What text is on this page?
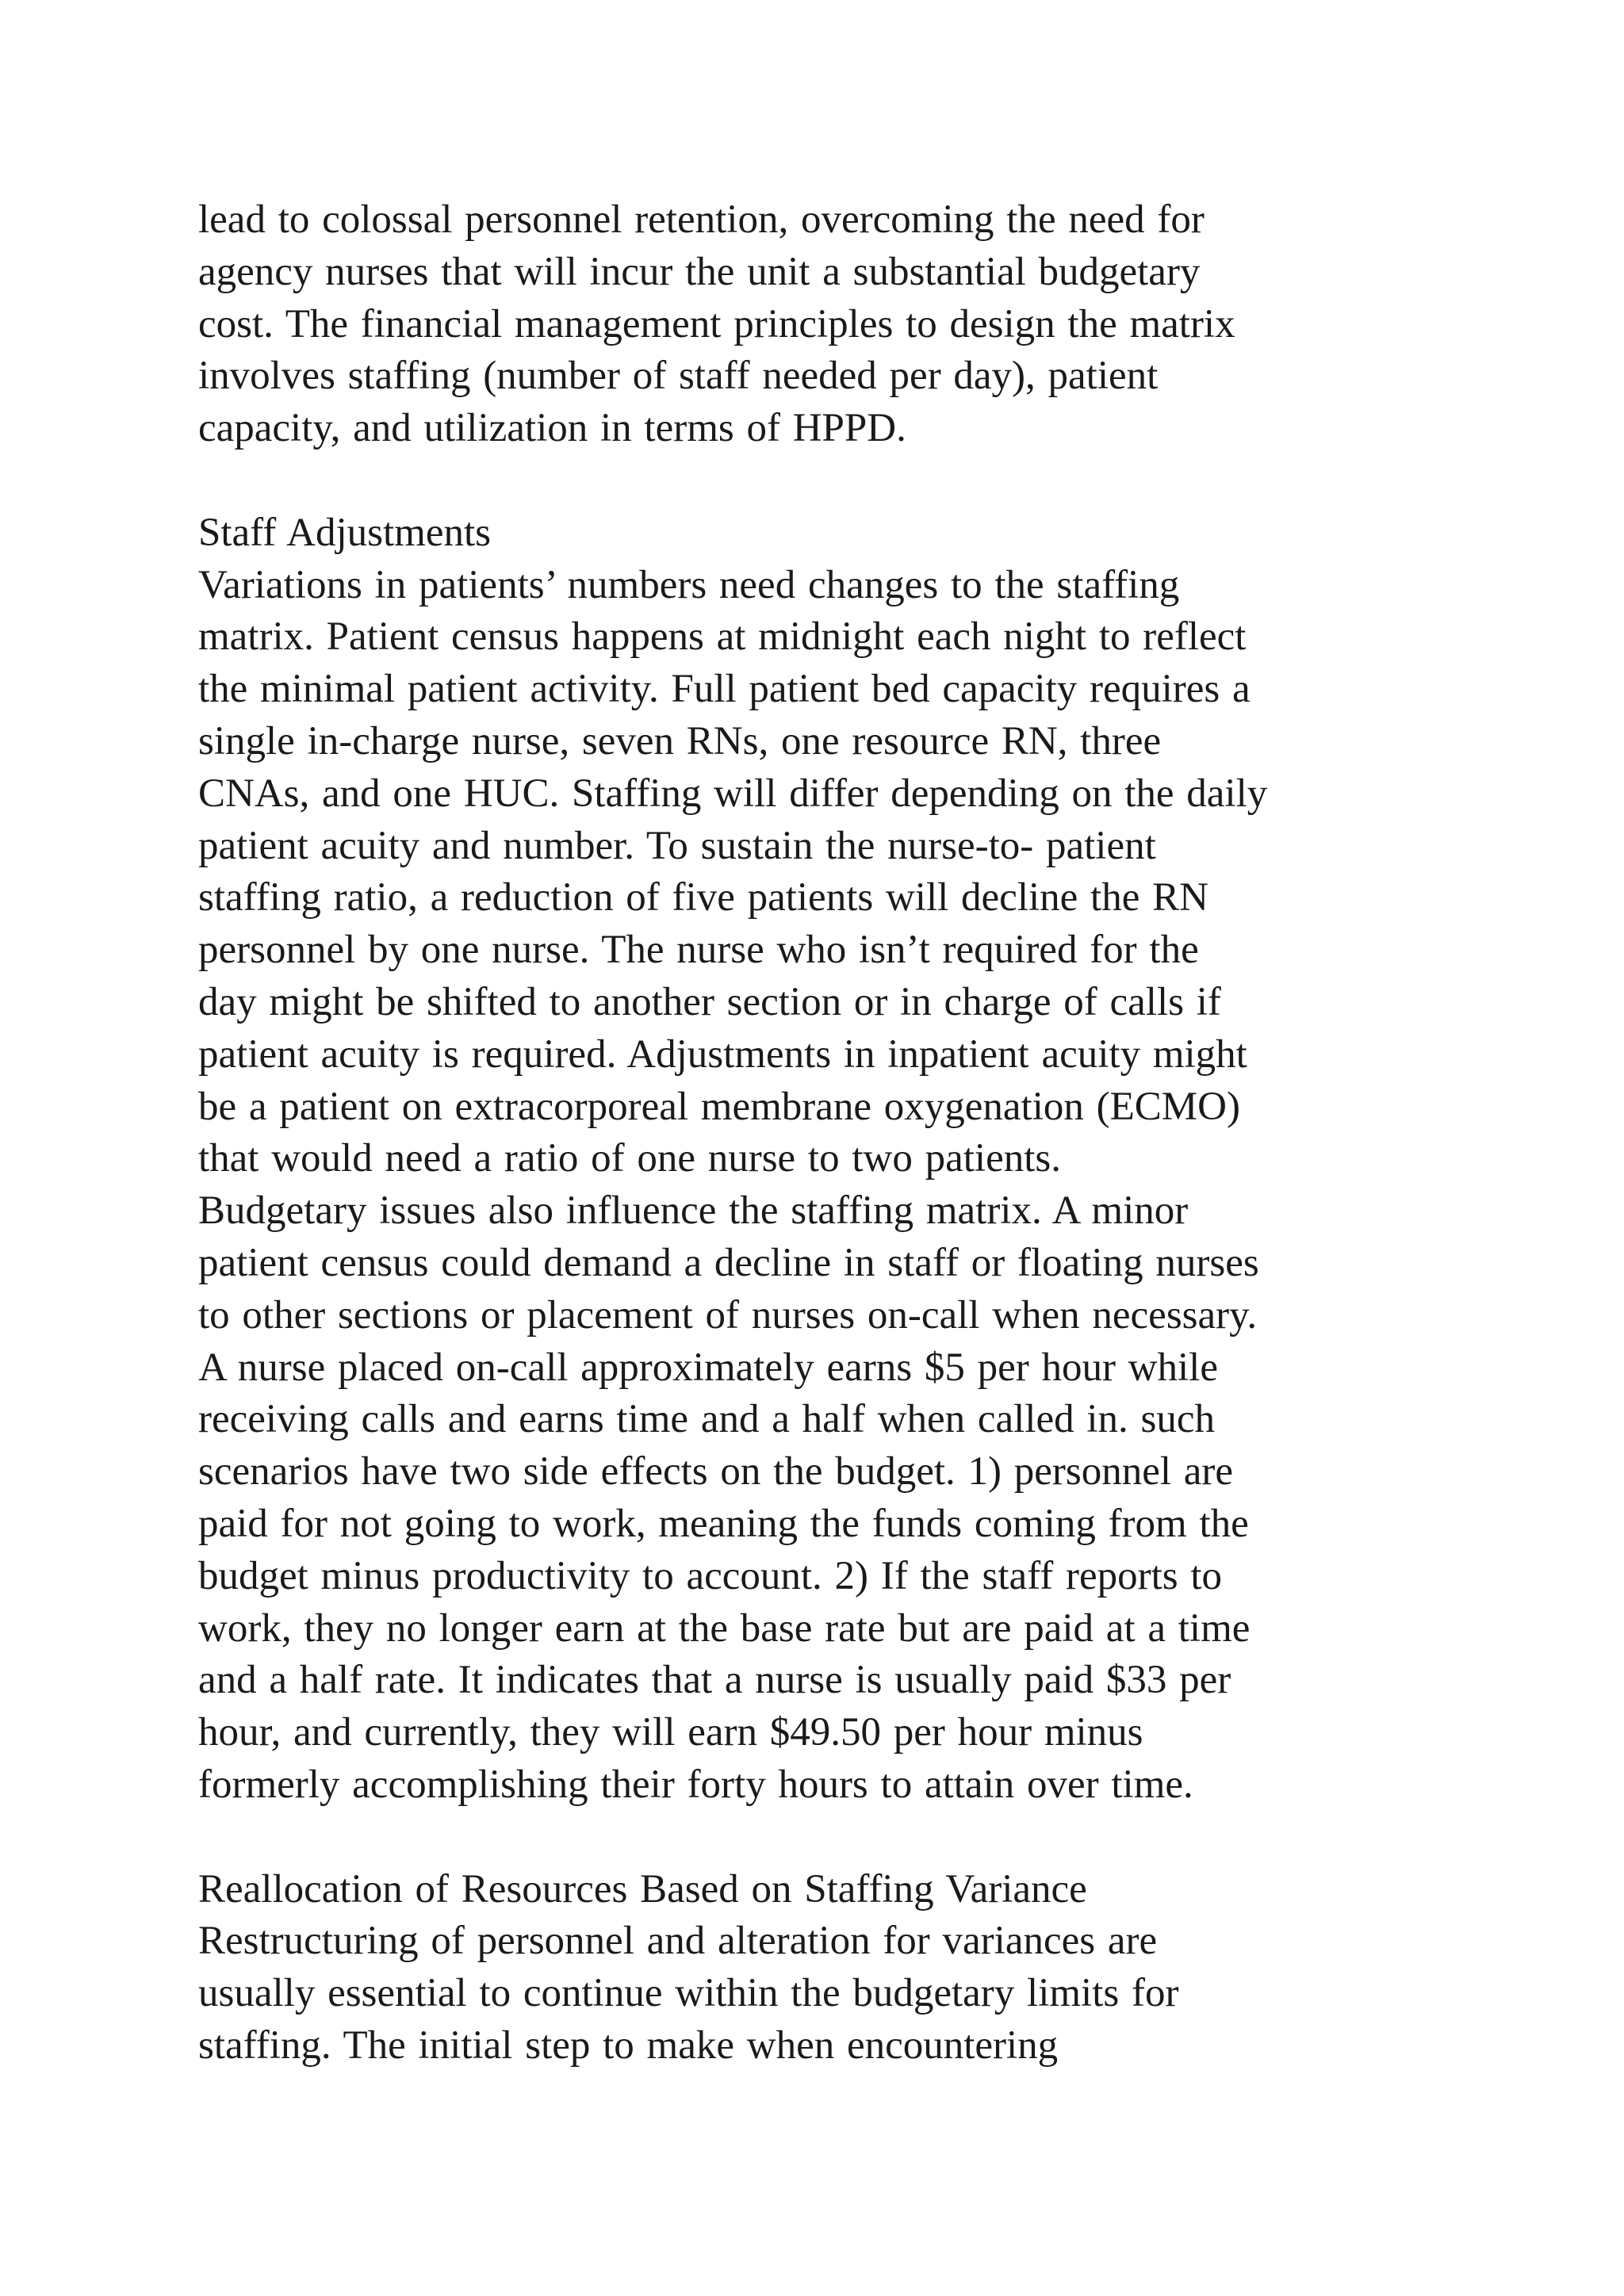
lead to colossal personnel retention, overcoming the need for
agency nurses that will incur the unit a substantial budgetary
cost. The financial management principles to design the matrix
involves staffing (number of staff needed per day), patient
capacity, and utilization in terms of HPPD.
Staff Adjustments
Variations in patients’ numbers need changes to the staffing
matrix. Patient census happens at midnight each night to reflect
the minimal patient activity. Full patient bed capacity requires a
single in-charge nurse, seven RNs, one resource RN, three
CNAs, and one HUC. Staffing will differ depending on the daily
patient acuity and number. To sustain the nurse-to- patient
staffing ratio, a reduction of five patients will decline the RN
personnel by one nurse. The nurse who isn’t required for the
day might be shifted to another section or in charge of calls if
patient acuity is required. Adjustments in inpatient acuity might
be a patient on extracorporeal membrane oxygenation (ECMO)
that would need a ratio of one nurse to two patients.
Budgetary issues also influence the staffing matrix. A minor
patient census could demand a decline in staff or floating nurses
to other sections or placement of nurses on-call when necessary.
A nurse placed on-call approximately earns $5 per hour while
receiving calls and earns time and a half when called in. such
scenarios have two side effects on the budget. 1) personnel are
paid for not going to work, meaning the funds coming from the
budget minus productivity to account. 2) If the staff reports to
work, they no longer earn at the base rate but are paid at a time
and a half rate. It indicates that a nurse is usually paid $33 per
hour, and currently, they will earn $49.50 per hour minus
formerly accomplishing their forty hours to attain over time.
Reallocation of Resources Based on Staffing Variance
Restructuring of personnel and alteration for variances are
usually essential to continue within the budgetary limits for
staffing. The initial step to make when encountering
